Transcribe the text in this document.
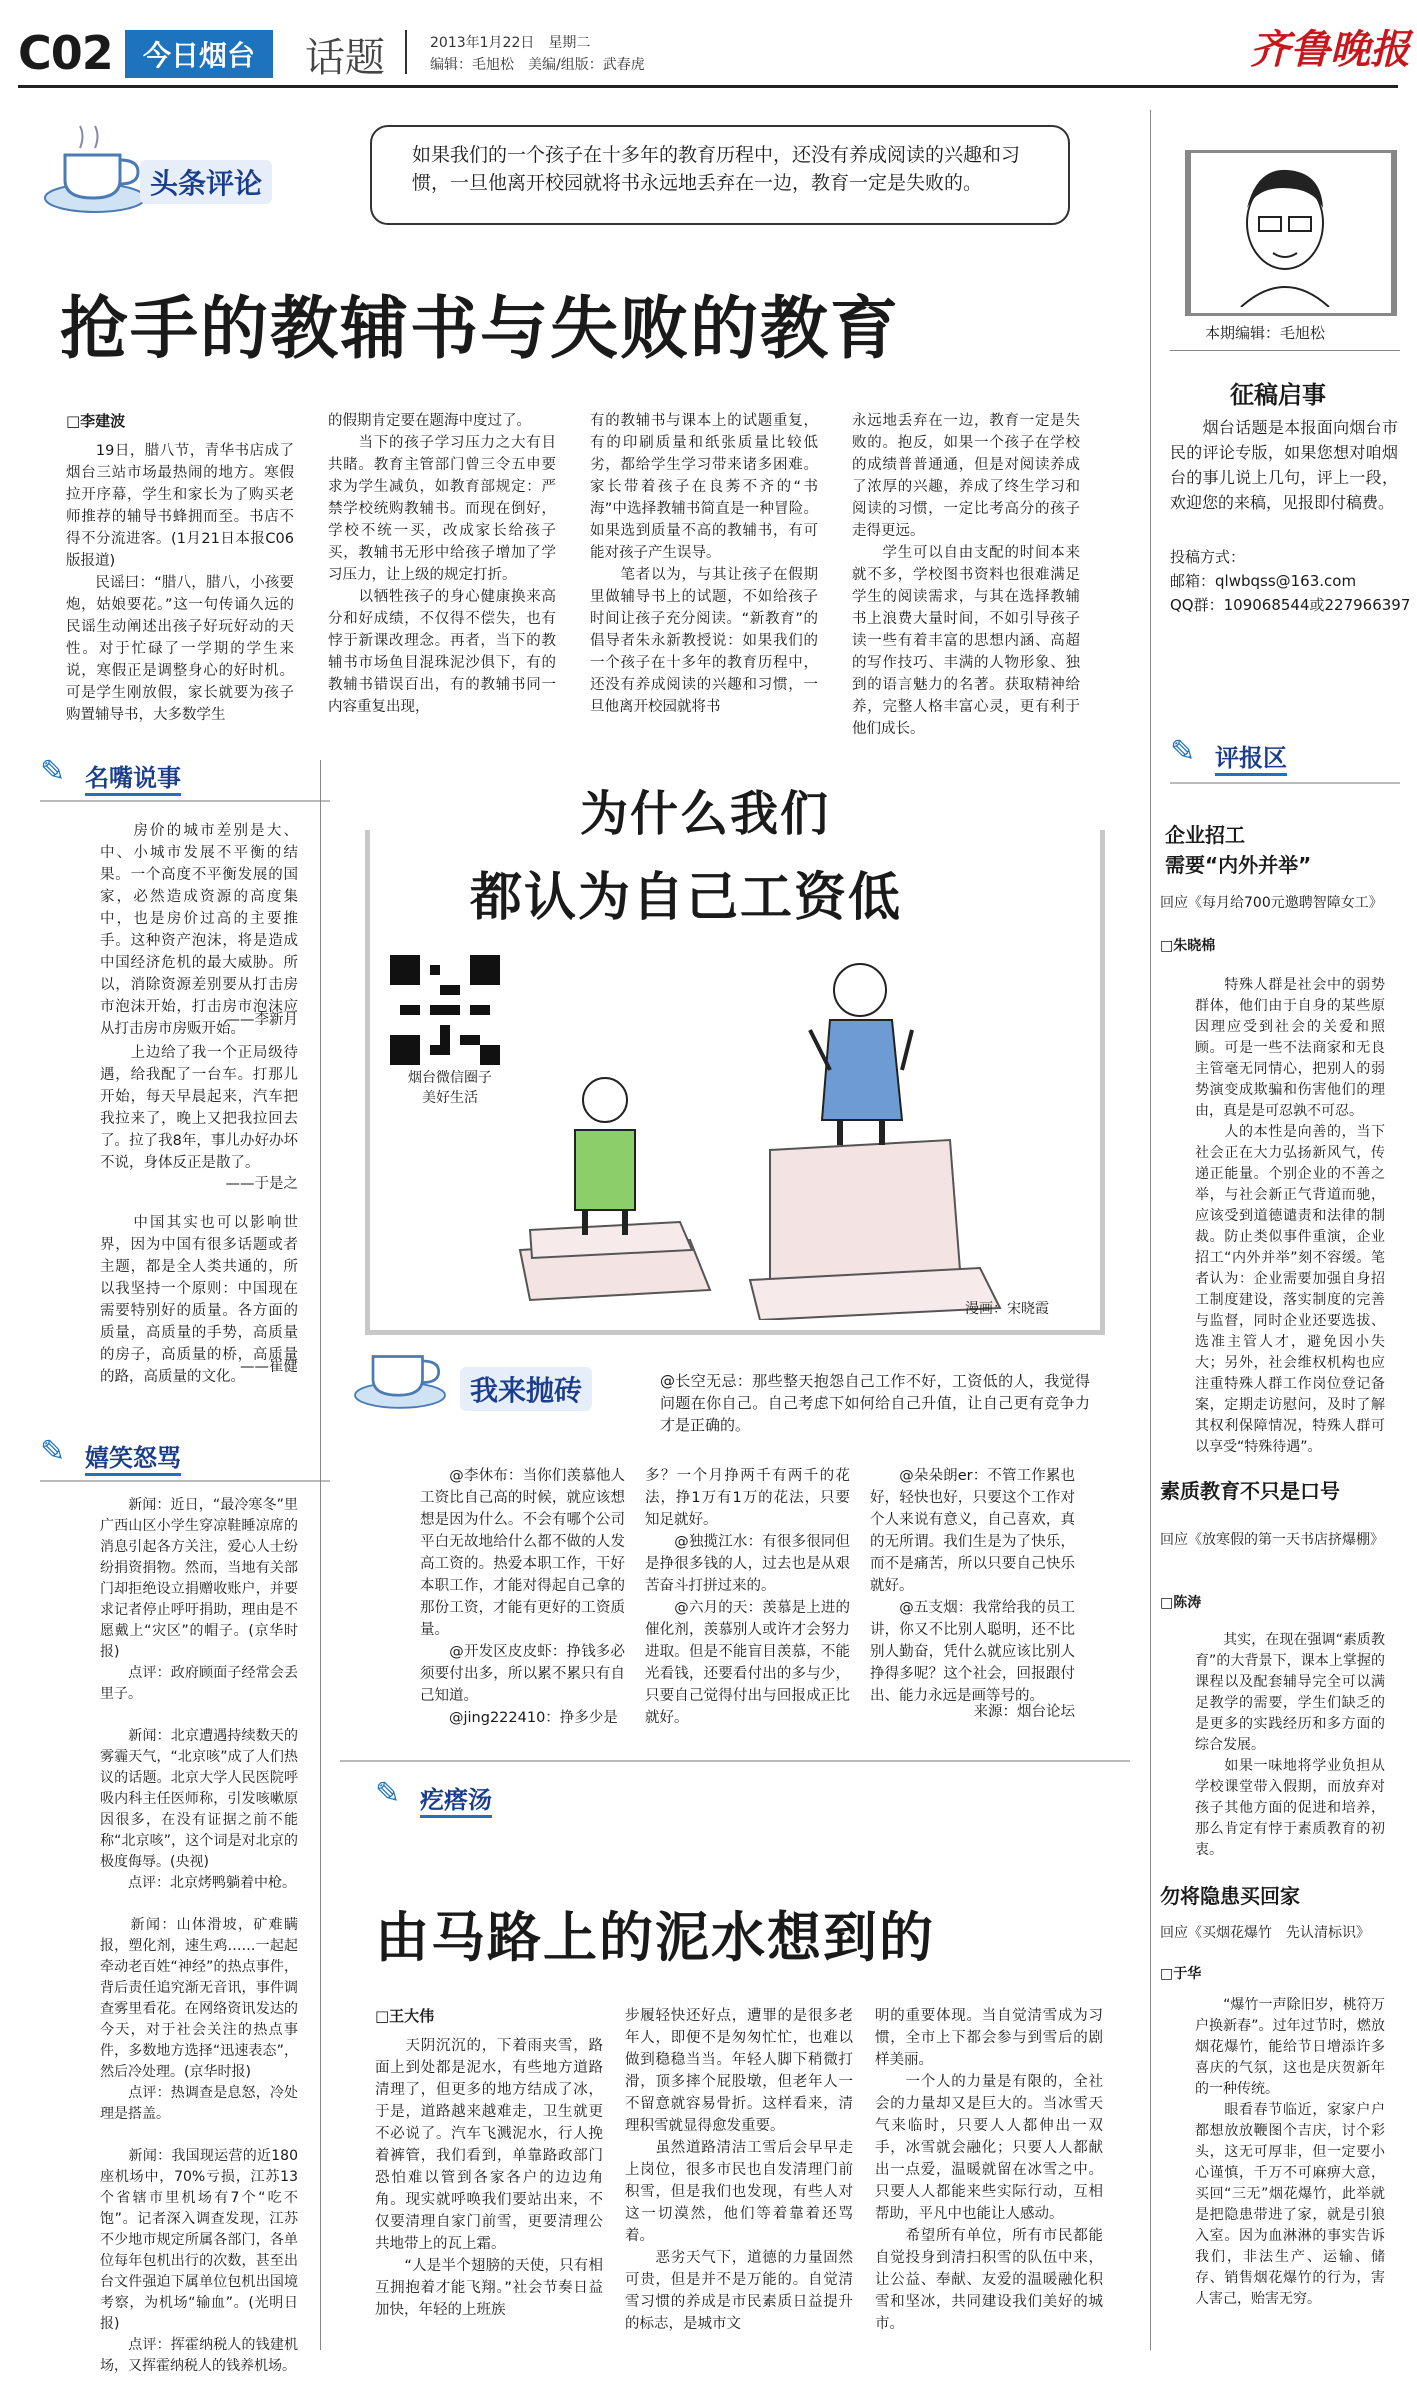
C02	今日烟台	话题	2013年1月22日　星期二
编辑：毛旭松　美编/组版：武春虎	齐鲁晚报
头条评论
如果我们的一个孩子在十多年的教育历程中，还没有养成阅读的兴趣和习惯，一旦他离开校园就将书永远地丢弃在一边，教育一定是失败的。
抢手的教辅书与失败的教育
□李建波
　　19日，腊八节，青华书店成了烟台三站市场最热闹的地方。寒假拉开序幕，学生和家长为了购买老师推荐的辅导书蜂拥而至。书店不得不分流进客。(1月21日本报C06版报道)
　　民谣曰：“腊八，腊八，小孩要炮，姑娘要花。”这一句传诵久远的民谣生动阐述出孩子好玩好动的天性。对于忙碌了一学期的学生来说，寒假正是调整身心的好时机。可是学生刚放假，家长就要为孩子购置辅导书，大多数学生
的假期肯定要在题海中度过了。
　　当下的孩子学习压力之大有目共睹。教育主管部门曾三令五申要求为学生减负，如教育部规定：严禁学校统购教辅书。而现在倒好，学校不统一买，改成家长给孩子买，教辅书无形中给孩子增加了学习压力，让上级的规定打折。
　　以牺牲孩子的身心健康换来高分和好成绩，不仅得不偿失，也有悖于新课改理念。再者，当下的教辅书市场鱼目混珠泥沙俱下，有的教辅书错误百出，有的教辅书同一内容重复出现，
有的教辅书与课本上的试题重复，有的印刷质量和纸张质量比较低劣，都给学生学习带来诸多困难。家长带着孩子在良莠不齐的“书海”中选择教辅书简直是一种冒险。如果选到质量不高的教辅书，有可能对孩子产生误导。
　　笔者以为，与其让孩子在假期里做辅导书上的试题，不如给孩子时间让孩子充分阅读。“新教育”的倡导者朱永新教授说：如果我们的一个孩子在十多年的教育历程中，还没有养成阅读的兴趣和习惯，一旦他离开校园就将书
永远地丢弃在一边，教育一定是失败的。抱反，如果一个孩子在学校的成绩普普通通，但是对阅读养成了浓厚的兴趣，养成了终生学习和阅读的习惯，一定比考高分的孩子走得更远。
　　学生可以自由支配的时间本来就不多，学校图书资料也很难满足学生的阅读需求，与其在选择教辅书上浪费大量时间，不如引导孩子读一些有着丰富的思想内涵、高超的写作技巧、丰满的人物形象、独到的语言魅力的名著。获取精神给养，完整人格丰富心灵，更有利于他们成长。
本期编辑：毛旭松
征稿启事
　　烟台话题是本报面向烟台市民的评论专版，如果您想对咱烟台的事儿说上几句，评上一段，欢迎您的来稿，见报即付稿费。
投稿方式：
邮箱：qlwbqss@163.com
QQ群：109068544或227966397
✎ 名嘴说事
　　房价的城市差别是大、中、小城市发展不平衡的结果。一个高度不平衡发展的国家，必然造成资源的高度集中，也是房价过高的主要推手。这种资产泡沫，将是造成中国经济危机的最大威胁。所以，消除资源差别要从打击房市泡沫开始，打击房市泡沫应从打击房市房贩开始。
——李新月
　　上边给了我一个正局级待遇，给我配了一台车。打那儿开始，每天早晨起来，汽车把我拉来了，晚上又把我拉回去了。拉了我8年，事儿办好办坏不说，身体反正是散了。
——于是之
　　中国其实也可以影响世界，因为中国有很多话题或者主题，都是全人类共通的，所以我坚持一个原则：中国现在需要特别好的质量。各方面的质量，高质量的手势，高质量的房子，高质量的桥，高质量的路，高质量的文化。
——崔健
✎ 嬉笑怒骂
　　新闻：近日，“最冷寒冬”里广西山区小学生穿凉鞋睡凉席的消息引起各方关注，爱心人士纷纷捐资捐物。然而，当地有关部门却拒绝设立捐赠收账户，并要求记者停止呼吁捐助，理由是不愿戴上“灾区”的帽子。(京华时报)
　　点评：政府顾面子经常会丢里子。

　　新闻：北京遭遇持续数天的雾霾天气，“北京咳”成了人们热议的话题。北京大学人民医院呼吸内科主任医师称，引发咳嗽原因很多，在没有证据之前不能称“北京咳”，这个词是对北京的极度侮辱。(央视)
　　点评：北京烤鸭躺着中枪。

　　新闻：山体滑坡，矿难瞒报，塑化剂，速生鸡……一起起牵动老百姓“神经”的热点事件，背后责任追究渐无音讯，事件调查雾里看花。在网络资讯发达的今天，对于社会关注的热点事件，多数地方选择“迅速表态”，然后冷处理。(京华时报)
　　点评：热调查是息怒，冷处理是搭盖。

　　新闻：我国现运营的近180座机场中，70%亏损，江苏13个省辖市里机场有7个“吃不饱”。记者深入调查发现，江苏不少地市规定所属各部门，各单位每年包机出行的次数，甚至出台文件强迫下属单位包机出国境考察，为机场“输血”。(光明日报)
　　点评：挥霍纳税人的钱建机场，又挥霍纳税人的钱养机场。
为什么我们
都认为自己工资低
烟台微信圈子
美好生活
漫画：宋晓霞
我来抛砖	@长空无忌：那些整天抱怨自己工作不好，工资低的人，我觉得问题在你自己。自己考虑下如何给自己升值，让自己更有竞争力才是正确的。
　　@李休布：当你们羡慕他人工资比自己高的时候，就应该想想是因为什么。不会有哪个公司平白无故地给什么都不做的人发高工资的。热爱本职工作，干好本职工作，才能对得起自己拿的那份工资，才能有更好的工资质量。
　　@开发区皮皮虾：挣钱多必须要付出多，所以累不累只有自己知道。
　　@jing222410：挣多少是
多？一个月挣两千有两千的花法，挣1万有1万的花法，只要知足就好。
　　@独揽江水：有很多很同但是挣很多钱的人，过去也是从艰苦奋斗打拼过来的。
　　@六月的天：羡慕是上进的催化剂，羡慕别人或许才会努力进取。但是不能盲目羡慕，不能光看钱，还要看付出的多与少，只要自己觉得付出与回报成正比就好。
　　@朵朵朗er：不管工作累也好，轻快也好，只要这个工作对个人来说有意义，自己喜欢，真的无所谓。我们生是为了快乐，而不是痛苦，所以只要自己快乐就好。
　　@五支烟：我常给我的员工讲，你又不比别人聪明，还不比别人勤奋，凭什么就应该比别人挣得多呢？这个社会，回报跟付出、能力永远是画等号的。
来源：烟台论坛
✎ 疙瘩汤
由马路上的泥水想到的
□王大伟
　　天阴沉沉的，下着雨夹雪，路面上到处都是泥水，有些地方道路清理了，但更多的地方结成了冰，于是，道路越来越难走，卫生就更不必说了。汽车飞溅泥水，行人挽着裤管，我们看到，单靠路政部门恐怕难以管到各家各户的边边角角。现实就呼唤我们要站出来，不仅要清理自家门前雪，更要清理公共地带上的瓦上霜。
　　“人是半个翅膀的天使，只有相互拥抱着才能飞翔。”社会节奏日益加快，年轻的上班族
步履轻快还好点，遭罪的是很多老年人，即便不是匆匆忙忙，也难以做到稳稳当当。年轻人脚下稍微打滑，顶多摔个屁股墩，但老年人一不留意就容易骨折。这样看来，清理积雪就显得愈发重要。
　　虽然道路清洁工雪后会早早走上岗位，很多市民也自发清理门前积雪，但是我们也发现，有些人对这一切漠然，他们等着靠着还骂着。
　　恶劣天气下，道德的力量固然可贵，但是并不是万能的。自觉清雪习惯的养成是市民素质日益提升的标志，是城市文
明的重要体现。当自觉清雪成为习惯，全市上下都会参与到雪后的剧样美丽。
　　一个人的力量是有限的，全社会的力量却又是巨大的。当冰雪天气来临时，只要人人都伸出一双手，冰雪就会融化；只要人人都献出一点爱，温暖就留在冰雪之中。只要人人都能来些实际行动，互相帮助，平凡中也能让人感动。
　　希望所有单位，所有市民都能自觉投身到清扫积雪的队伍中来，让公益、奉献、友爱的温暖融化积雪和坚冰，共同建设我们美好的城市。
✎ 评报区
企业招工
需要“内外并举”
回应《每月给700元邀聘智障女工》
□朱晓棉
　　特殊人群是社会中的弱势群体，他们由于自身的某些原因理应受到社会的关爱和照顾。可是一些不法商家和无良主管毫无同情心，把别人的弱势演变成欺骗和伤害他们的理由，真是是可忍孰不可忍。
　　人的本性是向善的，当下社会正在大力弘扬新风气，传递正能量。个别企业的不善之举，与社会新正气背道而驰，应该受到道德谴责和法律的制裁。防止类似事件重演，企业招工“内外并举”刻不容缓。笔者认为：企业需要加强自身招工制度建设，落实制度的完善与监督，同时企业还要选拔、选准主管人才，避免因小失大；另外，社会维权机构也应注重特殊人群工作岗位登记备案，定期走访慰问，及时了解其权利保障情况，特殊人群可以享受“特殊待遇”。
素质教育不只是口号
回应《放寒假的第一天书店挤爆棚》
□陈涛
　　其实，在现在强调“素质教育”的大背景下，课本上掌握的课程以及配套辅导完全可以满足教学的需要，学生们缺乏的是更多的实践经历和多方面的综合发展。
　　如果一味地将学业负担从学校课堂带入假期，而放弃对孩子其他方面的促进和培养，那么肯定有悖于素质教育的初衷。
勿将隐患买回家
回应《买烟花爆竹　先认清标识》
□于华
　　“爆竹一声除旧岁，桃符万户换新春”。过年过节时，燃放烟花爆竹，能给节日增添许多喜庆的气氛，这也是庆贺新年的一种传统。
　　眼看春节临近，家家户户都想放放鞭图个吉庆，讨个彩头，这无可厚非，但一定要小心谨慎，千万不可麻痹大意，买回“三无”烟花爆竹，此举就是把隐患带进了家，就是引狼入室。因为血淋淋的事实告诉我们，非法生产、运输、储存、销售烟花爆竹的行为，害人害己，贻害无穷。
